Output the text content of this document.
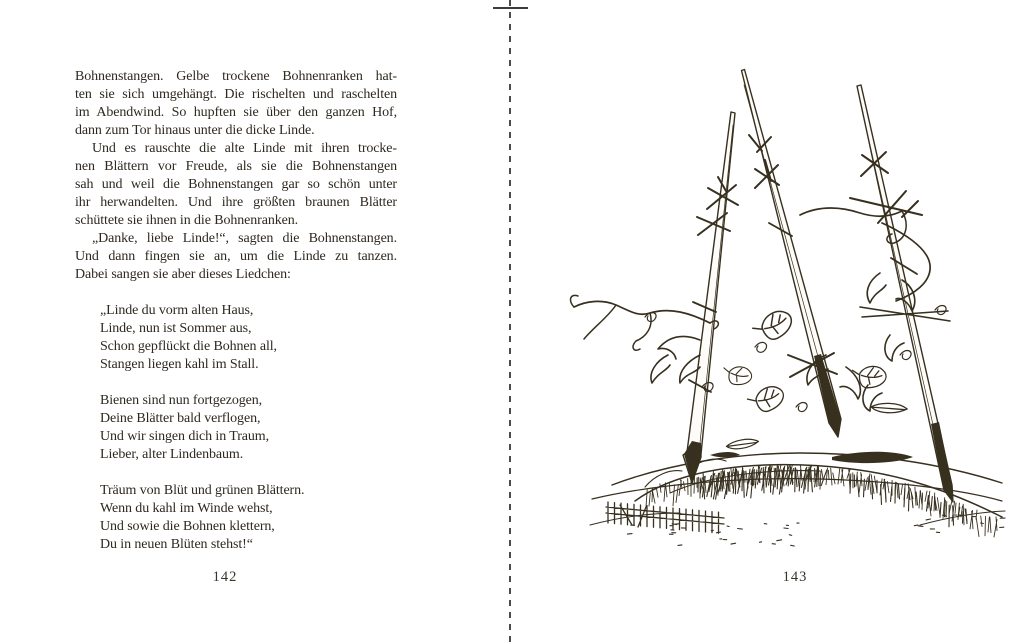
Bohnenstangen. Gelbe trockene Bohnenranken hat-
ten sie sich umgehängt. Die rischelten und raschelten
im Abendwind. So hupften sie über den ganzen Hof,
dann zum Tor hinaus unter die dicke Linde.
Und es rauschte die alte Linde mit ihren trocke-
nen Blättern vor Freude, als sie die Bohnenstangen
sah und weil die Bohnenstangen gar so schön unter
ihr herwandelten. Und ihre größten braunen Blätter
schüttete sie ihnen in die Bohnenranken.
„Danke, liebe Linde!“, sagten die Bohnenstangen.
Und dann fingen sie an, um die Linde zu tanzen.
Dabei sangen sie aber dieses Liedchen:
„Linde du vorm alten Haus,
Linde, nun ist Sommer aus,
Schon gepflückt die Bohnen all,
Stangen liegen kahl im Stall.
Bienen sind nun fortgezogen,
Deine Blätter bald verflogen,
Und wir singen dich in Traum,
Lieber, alter Lindenbaum.
Träum von Blüt und grünen Blättern.
Wenn du kahl im Winde wehst,
Und sowie die Bohnen klettern,
Du in neuen Blüten stehst!“
142	143
